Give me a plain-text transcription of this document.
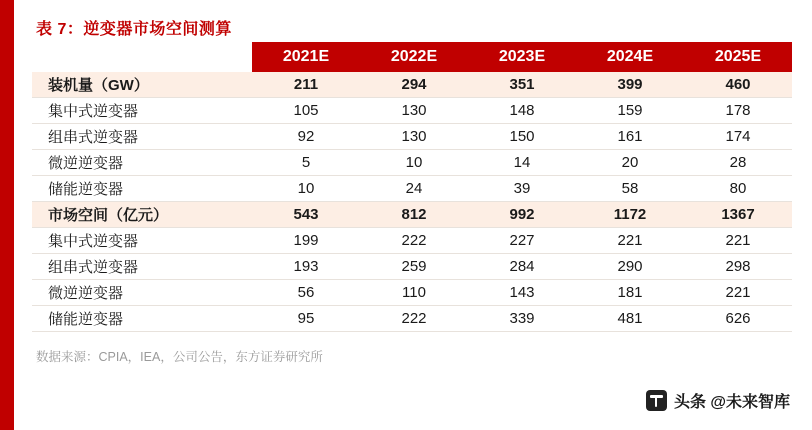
表 7：逆变器市场空间测算
	2021E	2022E	2023E	2024E	2025E
装机量（GW）	211	294	351	399	460
集中式逆变器	105	130	148	159	178
组串式逆变器	92	130	150	161	174
微逆逆变器	5	10	14	20	28
储能逆变器	10	24	39	58	80
市场空间（亿元）	543	812	992	1172	1367
集中式逆变器	199	222	227	221	221
组串式逆变器	193	259	284	290	298
微逆逆变器	56	110	143	181	221
储能逆变器	95	222	339	481	626
数据来源：CPIA，IEA，公司公告，东方证券研究所
头条 @未来智库
